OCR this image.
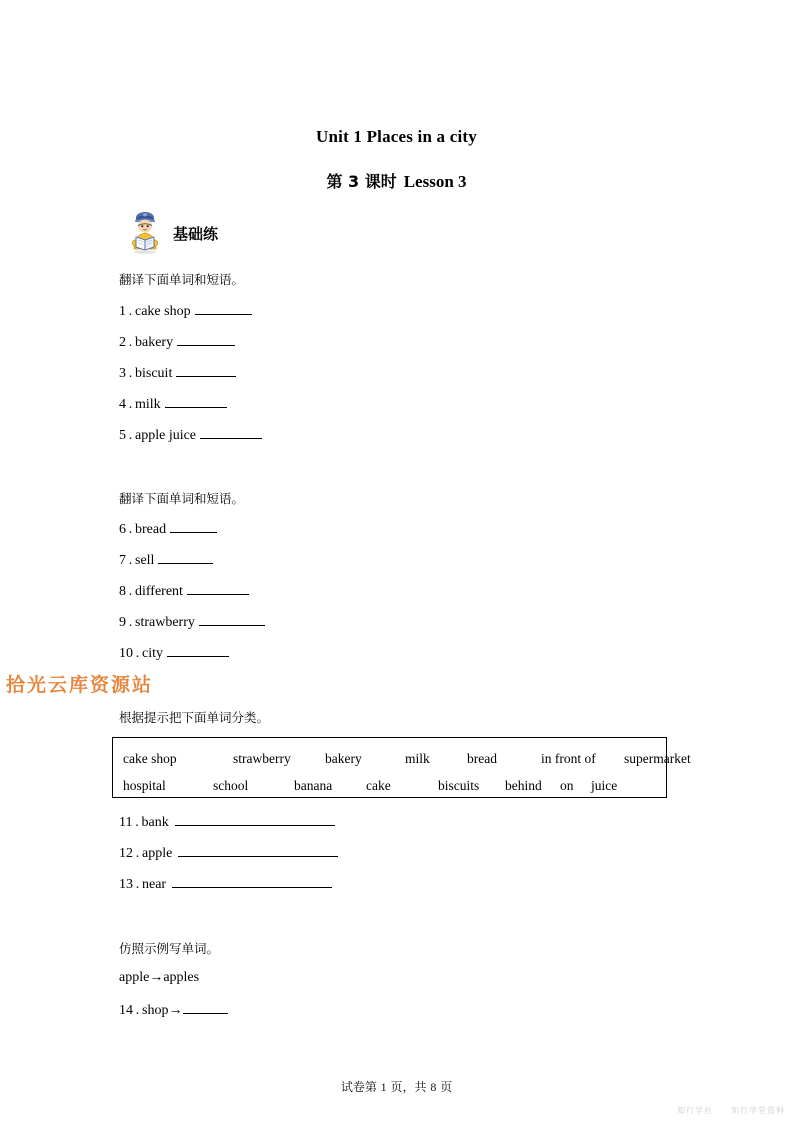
Unit 1 Places in a city
第 3 课时 Lesson 3
基础练
翻译下面单词和短语。
1 . cake shop
2 . bakery
3 . biscuit
4 . milk
5 . apple juice
翻译下面单词和短语。
6 . bread
7 . sell
8 . different
9 . strawberry
10 . city
根据提示把下面单词分类。
cake shop	strawberry	bakery	milk	bread	in front of supermarket
hospital	school	banana	cake	biscuits behind on juice
11 . bank
12 . apple
13 . near
仿照示例写单词。
apple→apples
14 . shop→
试卷第 1 页，共 8 页
拾光云库资源站
知行学社 知行学堂资料
